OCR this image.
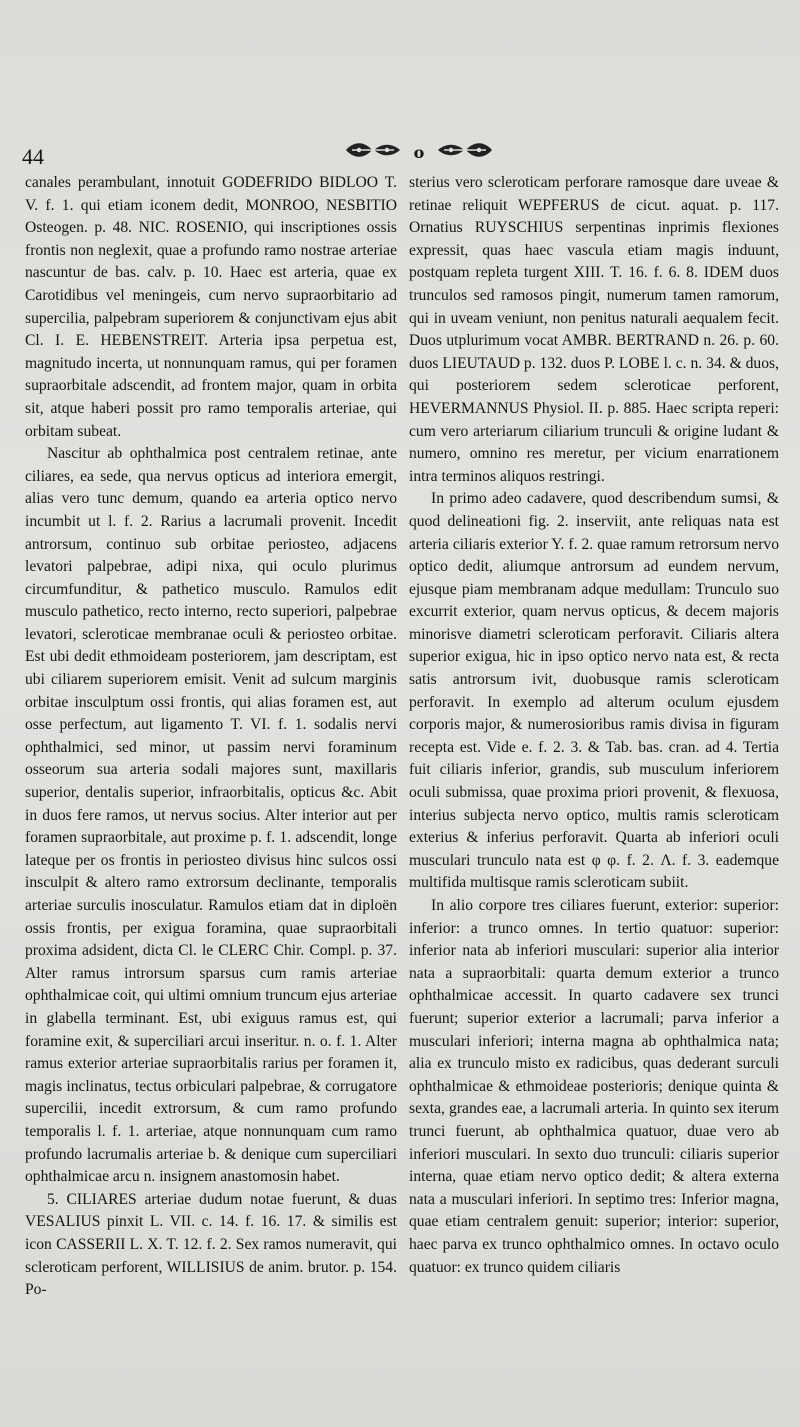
44	o

canales perambulant, innotuit GODEFRIDO BIDLOO T. V. f. 1. qui etiam iconem dedit, MONROO, NESBITIO Osteogen. p. 48. NIC. ROSENIO, qui inscriptiones ossis frontis non neglexit, quae a profundo ramo nostrae arteriae nascuntur de bas. calv. p. 10. Haec est arteria, quae ex Carotidibus vel meningeis, cum nervo supraorbitario ad supercilia, palpebram superiorem & conjunctivam ejus abit Cl. I. E. HEBENSTREIT. Arteria ipsa perpetua est, magnitudo incerta, ut nonnunquam ramus, qui per foramen supraorbitale adscendit, ad frontem major, quam in orbita sit, atque haberi possit pro ramo temporalis arteriae, qui orbitam subeat.

Nascitur ab ophthalmica post centralem retinae, ante ciliares, ea sede, qua nervus opticus ad interiora emergit, alias vero tunc demum, quando ea arteria optico nervo incumbit ut l. f. 2. Rarius a lacrumali provenit. Incedit antrorsum, continuo sub orbitae periosteo, adjacens levatori palpebrae, adipi nixa, qui oculo plurimus circumfunditur, & pathetico musculo. Ramulos edit musculo pathetico, recto interno, recto superiori, palpebrae levatori, scleroticae membranae oculi & periosteo orbitae. Est ubi dedit ethmoideam posteriorem, jam descriptam, est ubi ciliarem superiorem emisit. Venit ad sulcum marginis orbitae insculptum ossi frontis, qui alias foramen est, aut osse perfectum, aut ligamento T. VI. f. 1. sodalis nervi ophthalmici, sed minor, ut passim nervi foraminum osseorum sua arteria sodali majores sunt, maxillaris superior, dentalis superior, infraorbitalis, opticus &c. Abit in duos fere ramos, ut nervus socius. Alter interior aut per foramen supraorbitale, aut proxime p. f. 1. adscendit, longe lateque per os frontis in periosteo divisus hinc sulcos ossi insculpit & altero ramo extrorsum declinante, temporalis arteriae surculis inosculatur. Ramulos etiam dat in diploën ossis frontis, per exigua foramina, quae supraorbitali proxima adsident, dicta Cl. le CLERC Chir. Compl. p. 37. Alter ramus introrsum sparsus cum ramis arteriae ophthalmicae coit, qui ultimi omnium truncum ejus arteriae in glabella terminant. Est, ubi exiguus ramus est, qui foramine exit, & superciliari arcui inseritur. n. o. f. 1. Alter ramus exterior arteriae supraorbitalis rarius per foramen it, magis inclinatus, tectus orbiculari palpebrae, & corrugatore supercilii, incedit extrorsum, & cum ramo profundo temporalis l. f. 1. arteriae, atque nonnunquam cum ramo profundo lacrumalis arteriae b. & denique cum superciliari ophthalmicae arcu n. insignem anastomosin habet.

5. CILIARES arteriae dudum notae fuerunt, & duas VESALIUS pinxit L. VII. c. 14. f. 16. 17. & similis est icon CASSERII L. X. T. 12. f. 2. Sex ramos numeravit, qui scleroticam perforent, WILLISIUS de anim. brutor. p. 154. Po-

sterius vero scleroticam perforare ramosque dare uveae & retinae reliquit WEPFERUS de cicut. aquat. p. 117. Ornatius RUYSCHIUS serpentinas inprimis flexiones expressit, quas haec vascula etiam magis induunt, postquam repleta turgent XIII. T. 16. f. 6. 8. IDEM duos trunculos sed ramosos pingit, numerum tamen ramorum, qui in uveam veniunt, non penitus naturali aequalem fecit. Duos utplurimum vocat AMBR. BERTRAND n. 26. p. 60. duos LIEUTAUD p. 132. duos P. LOBE l. c. n. 34. & duos, qui posteriorem sedem scleroticae perforent, HEVERMANNUS Physiol. II. p. 885. Haec scripta reperi: cum vero arteriarum ciliarium trunculi & origine ludant & numero, omnino res meretur, per vicium enarrationem intra terminos aliquos restringi.

In primo adeo cadavere, quod describendum sumsi, & quod delineationi fig. 2. inserviit, ante reliquas nata est arteria ciliaris exterior Y. f. 2. quae ramum retrorsum nervo optico dedit, aliumque antrorsum ad eundem nervum, ejusque piam membranam adque medullam: Trunculo suo excurrit exterior, quam nervus opticus, & decem majoris minorisve diametri scleroticam perforavit. Ciliaris altera superior exigua, hic in ipso optico nervo nata est, & recta satis antrorsum ivit, duobusque ramis scleroticam perforavit. In exemplo ad alterum oculum ejusdem corporis major, & numerosioribus ramis divisa in figuram recepta est. Vide e. f. 2. 3. & Tab. bas. cran. ad 4. Tertia fuit ciliaris inferior, grandis, sub musculum inferiorem oculi submissa, quae proxima priori provenit, & flexuosa, interius subjecta nervo optico, multis ramis scleroticam exterius & inferius perforavit. Quarta ab inferiori oculi musculari trunculo nata est φ φ. f. 2. Λ. f. 3. eademque multifida multisque ramis scleroticam subiit.

In alio corpore tres ciliares fuerunt, exterior: superior: inferior: a trunco omnes. In tertio quatuor: superior: inferior nata ab inferiori musculari: superior alia interior nata a supraorbitali: quarta demum exterior a trunco ophthalmicae accessit. In quarto cadavere sex trunci fuerunt; superior exterior a lacrumali; parva inferior a musculari inferiori; interna magna ab ophthalmica nata; alia ex trunculo misto ex radicibus, quas dederant surculi ophthalmicae & ethmoideae posterioris; denique quinta & sexta, grandes eae, a lacrumali arteria. In quinto sex iterum trunci fuerunt, ab ophthalmica quatuor, duae vero ab inferiori musculari. In sexto duo trunculi: ciliaris superior interna, quae etiam nervo optico dedit; & altera externa nata a musculari inferiori. In septimo tres: Inferior magna, quae etiam centralem genuit: superior; interior: superior, haec parva ex trunco ophthalmico omnes. In octavo oculo quatuor: ex trunco quidem ciliaris
